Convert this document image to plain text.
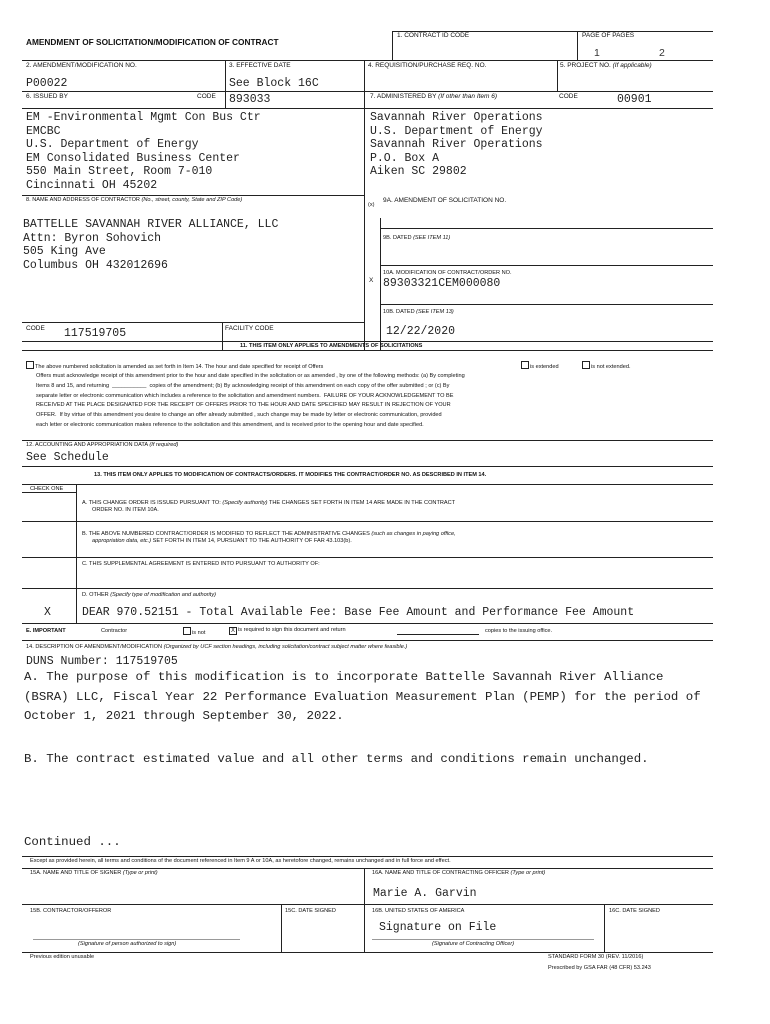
AMENDMENT OF SOLICITATION/MODIFICATION OF CONTRACT
1. CONTRACT ID CODE	PAGE OF PAGES
1	2
2. AMENDMENT/MODIFICATION NO.
P00022
3. EFFECTIVE DATE
See Block 16C
4. REQUISITION/PURCHASE REQ. NO.	5. PROJECT NO. (If applicable)
6. ISSUED BY	CODE 893033	7. ADMINISTERED BY (If other than Item 6)	CODE	00901
EM -Environmental Mgmt Con Bus Ctr
EMCBC
U.S. Department of Energy
EM Consolidated Business Center
550 Main Street, Room 7-010
Cincinnati OH 45202
Savannah River Operations
U.S. Department of Energy
Savannah River Operations
P.O. Box A
Aiken SC 29802
8. NAME AND ADDRESS OF CONTRACTOR (No., street, county, State and ZIP Code)
BATTELLE SAVANNAH RIVER ALLIANCE, LLC
Attn: Byron Sohovich
505 King Ave
Columbus OH 432012696
CODE 117519705	FACILITY CODE
(x)
9A. AMENDMENT OF SOLICITATION NO.
9B. DATED (SEE ITEM 11)
X
10A. MODIFICATION OF CONTRACT/ORDER NO.
89303321CEM000080
10B. DATED (SEE ITEM 13)
12/22/2020
11. THIS ITEM ONLY APPLIES TO AMENDMENTS OF SOLICITATIONS
The above numbered solicitation is amended as set forth in Item 14. The hour and date specified for receipt of Offers	is extended	is not extended.
Offers must acknowledge receipt of this amendment prior to the hour and date specified in the solicitation or as amended , by one of the following methods: (a) By completing
Items 8 and 15, and returning  ___________  copies of the amendment; (b) By acknowledging receipt of this amendment on each copy of the offer submitted ; or (c) By
separate letter or electronic communication which includes a reference to the solicitation and amendment numbers.  FAILURE OF YOUR ACKNOWLEDGEMENT TO BE
RECEIVED AT THE PLACE DESIGNATED FOR THE RECEIPT OF OFFERS PRIOR TO THE HOUR AND DATE SPECIFIED MAY RESULT IN REJECTION OF YOUR
OFFER.  If by virtue of this amendment you desire to change an offer already submitted , such change may be made by letter or electronic communication, provided
each letter or electronic communication makes reference to the solicitation and this amendment, and is received prior to the opening hour and date specified.
12. ACCOUNTING AND APPROPRIATION DATA (If required)
See Schedule
13. THIS ITEM ONLY APPLIES TO MODIFICATION OF CONTRACTS/ORDERS. IT MODIFIES THE CONTRACT/ORDER NO. AS DESCRIBED IN ITEM 14.
CHECK ONE
A. THIS CHANGE ORDER IS ISSUED PURSUANT TO: (Specify authority) THE CHANGES SET FORTH IN ITEM 14 ARE MADE IN THE CONTRACT
ORDER NO. IN ITEM 10A.
B. THE ABOVE NUMBERED CONTRACT/ORDER IS MODIFIED TO REFLECT THE ADMINISTRATIVE CHANGES (such as changes in paying office,
appropriation data, etc.) SET FORTH IN ITEM 14, PURSUANT TO THE AUTHORITY OF FAR 43.103(b).
C. THIS SUPPLEMENTAL AGREEMENT IS ENTERED INTO PURSUANT TO AUTHORITY OF:
D. OTHER (Specify type of modification and authority)
X	DEAR 970.52151 - Total Available Fee: Base Fee Amount and Performance Fee Amount
E. IMPORTANT	Contractor	is not	X is required to sign this document and return	copies to the issuing office.
14. DESCRIPTION OF AMENDMENT/MODIFICATION (Organized by UCF section headings, including solicitation/contract subject matter where feasible.)
DUNS Number: 117519705
A. The purpose of this modification is to incorporate Battelle Savannah River Alliance
(BSRA) LLC, Fiscal Year 22 Performance Evaluation Measurement Plan (PEMP) for the period of
October 1, 2021 through September 30, 2022.
B. The contract estimated value and all other terms and conditions remain unchanged.
Continued ...
Except as provided herein, all terms and conditions of the document referenced in Item 9 A or 10A, as heretofore changed, remains unchanged and in full force and effect.
15A. NAME AND TITLE OF SIGNER (Type or print)	16A. NAME AND TITLE OF CONTRACTING OFFICER (Type or print)
Marie A. Garvin
15B. CONTRACTOR/OFFEROR	15C. DATE SIGNED	16B. UNITED STATES OF AMERICA
Signature on File
16C. DATE SIGNED
(Signature of person authorized to sign)	(Signature of Contracting Officer)
Previous edition unusable	STANDARD FORM 30 (REV. 11/2016)
Prescribed by GSA FAR (48 CFR) 53.243
